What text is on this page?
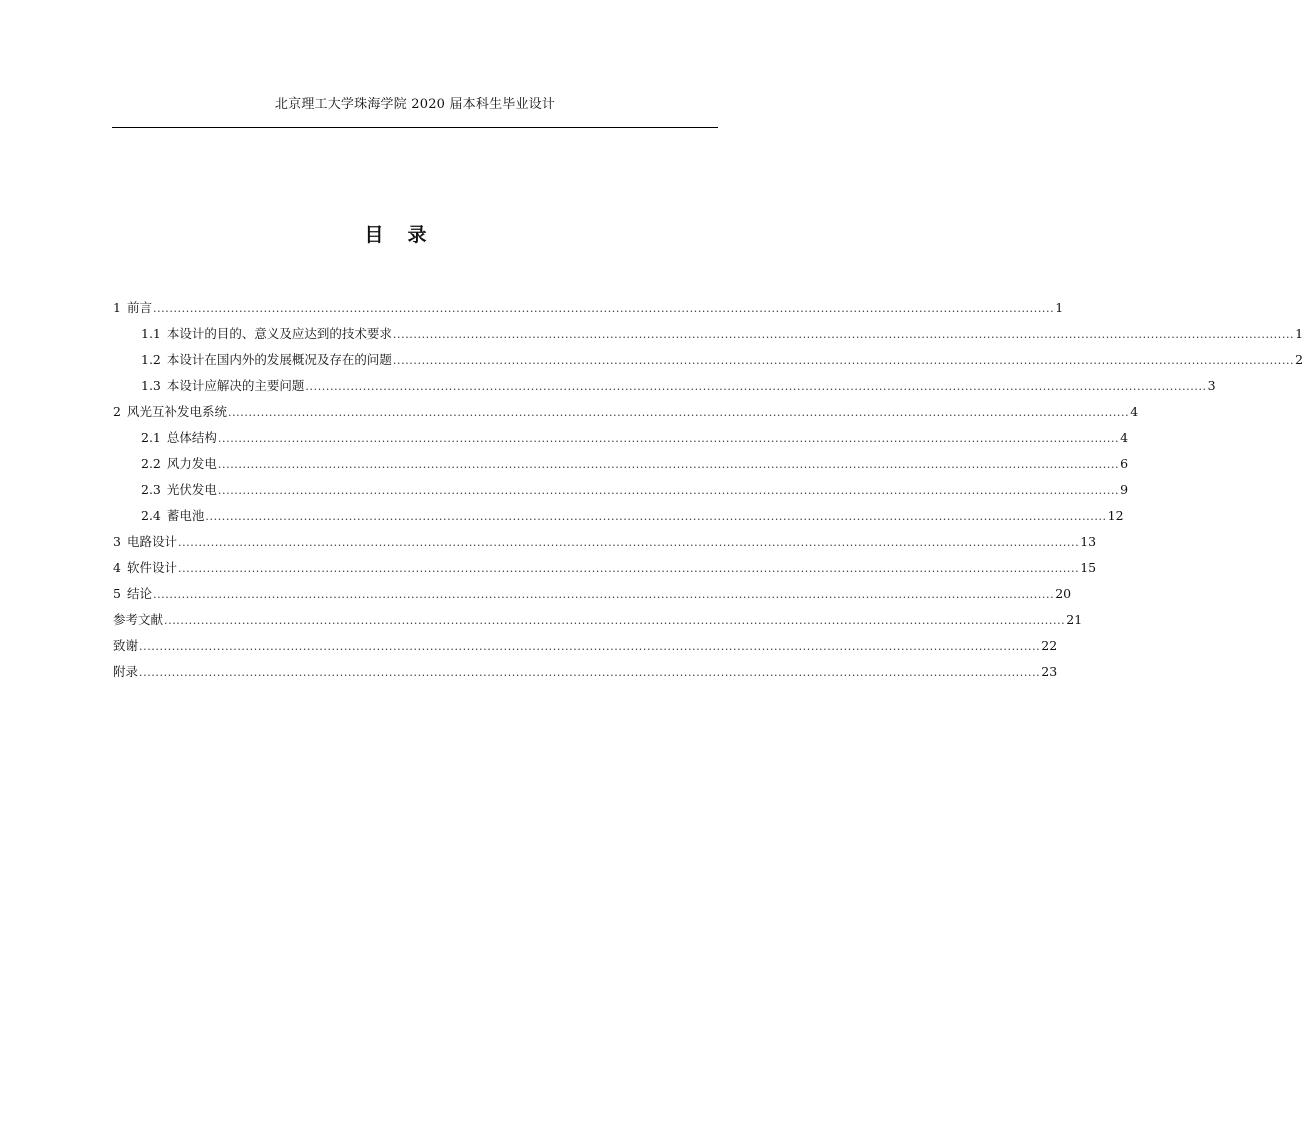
北京理工大学珠海学院 2020 届本科生毕业设计
目 录
1 前言 ............................................................................................................................................................................................................................ 1
1.1 本设计的目的、意义及应达到的技术要求 ............................................................................................................................................................................................................................ 1
1.2 本设计在国内外的发展概况及存在的问题 ............................................................................................................................................................................................................................ 2
1.3 本设计应解决的主要问题 ............................................................................................................................................................................................................................ 3
2 风光互补发电系统 ............................................................................................................................................................................................................................ 4
2.1 总体结构 ............................................................................................................................................................................................................................ 4
2.2 风力发电 ............................................................................................................................................................................................................................ 6
2.3 光伏发电 ............................................................................................................................................................................................................................ 9
2.4 蓄电池 ............................................................................................................................................................................................................................ 12
3 电路设计 ............................................................................................................................................................................................................................ 13
4 软件设计 ............................................................................................................................................................................................................................ 15
5 结论 ............................................................................................................................................................................................................................ 20
参考文献 ............................................................................................................................................................................................................................ 21
致谢 ............................................................................................................................................................................................................................ 22
附录 ............................................................................................................................................................................................................................ 23
